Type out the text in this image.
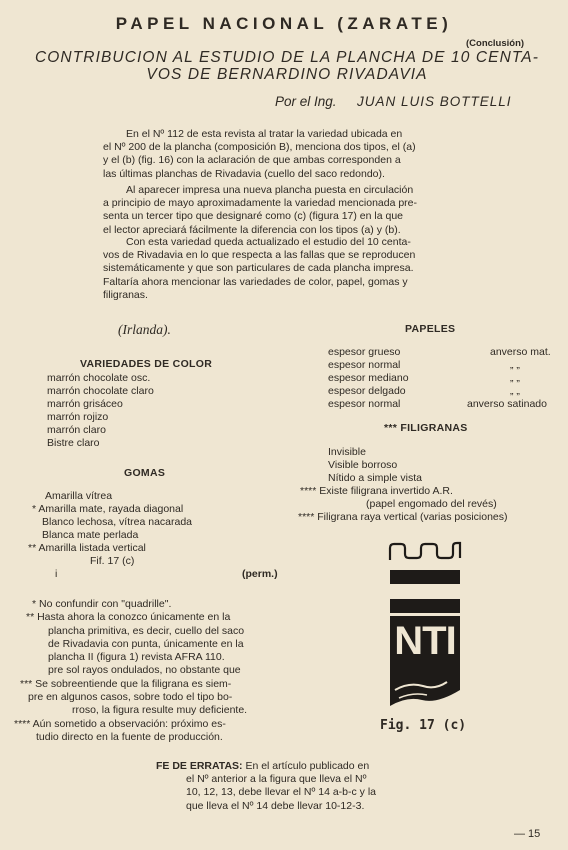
PAPEL NACIONAL (ZARATE)
(Conclusión)
CONTRIBUCION AL ESTUDIO DE LA PLANCHA DE 10 CENTA-
VOS DE BERNARDINO RIVADAVIA
Por el Ing. JUAN LUIS BOTTELLI
En el Nº 112 de esta revista al tratar la variedad ubicada en
el Nº 200 de la plancha (composición B), menciona dos tipos, el (a)
y el (b) (fig. 16) con la aclaración de que ambas corresponden a
las últimas planchas de Rivadavia (cuello del saco redondo).
Al aparecer impresa una nueva plancha puesta en circulación
a principio de mayo aproximadamente la variedad mencionada pre-
senta un tercer tipo que designaré como (c) (figura 17) en la que
el lector apreciará fácilmente la diferencia con los tipos (a) y (b).
Con esta variedad queda actualizado el estudio del 10 centa-
vos de Rivadavia en lo que respecta a las fallas que se reproducen
sistemáticamente y que son particulares de cada plancha impresa.
Faltaría ahora mencionar las variedades de color, papel, gomas y
filigranas.
(Irlanda).
VARIEDADES DE COLOR
marrón chocolate osc.
marrón chocolate claro
marrón grisáceo
marrón rojizo
marrón claro
Bistre claro
GOMAS
Amarilla vítrea
* Amarilla mate, rayada diagonal
Blanco lechosa, vítrea nacarada
Blanca mate perlada
** Amarilla listada vertical
Fif. 17 (c)
i	(perm.)
* No confundir con "quadrille".
** Hasta ahora la conozco únicamente en la
plancha primitiva, es decir, cuello del saco
de Rivadavia con punta, únicamente en la
plancha II (figura 1) revista AFRA 110.
pre sol rayos ondulados, no obstante que
*** Se sobreentiende que la filigrana es siem-
pre en algunos casos, sobre todo el tipo bo-
rroso, la figura resulte muy deficiente.
**** Aún sometido a observación: próximo es-
tudio directo en la fuente de producción.
PAPELES
espesor grueso	anverso mat.
espesor normal	„ „
espesor mediano	„ „
espesor delgado	„ „
espesor normal	anverso satinado
*** FILIGRANAS
Invisible
Visible borroso
Nítido a simple vista
**** Existe filigrana invertido A.R.
(papel engomado del revés)
**** Filigrana raya vertical (varias posiciones)
NTI
Fig. 17 (c)
FE DE ERRATAS: En el artículo publicado en
el Nº anterior a la figura que lleva el Nº
10, 12, 13, debe llevar el Nº 14 a-b-c y la
que lleva el Nº 14 debe llevar 10-12-3.
— 15
